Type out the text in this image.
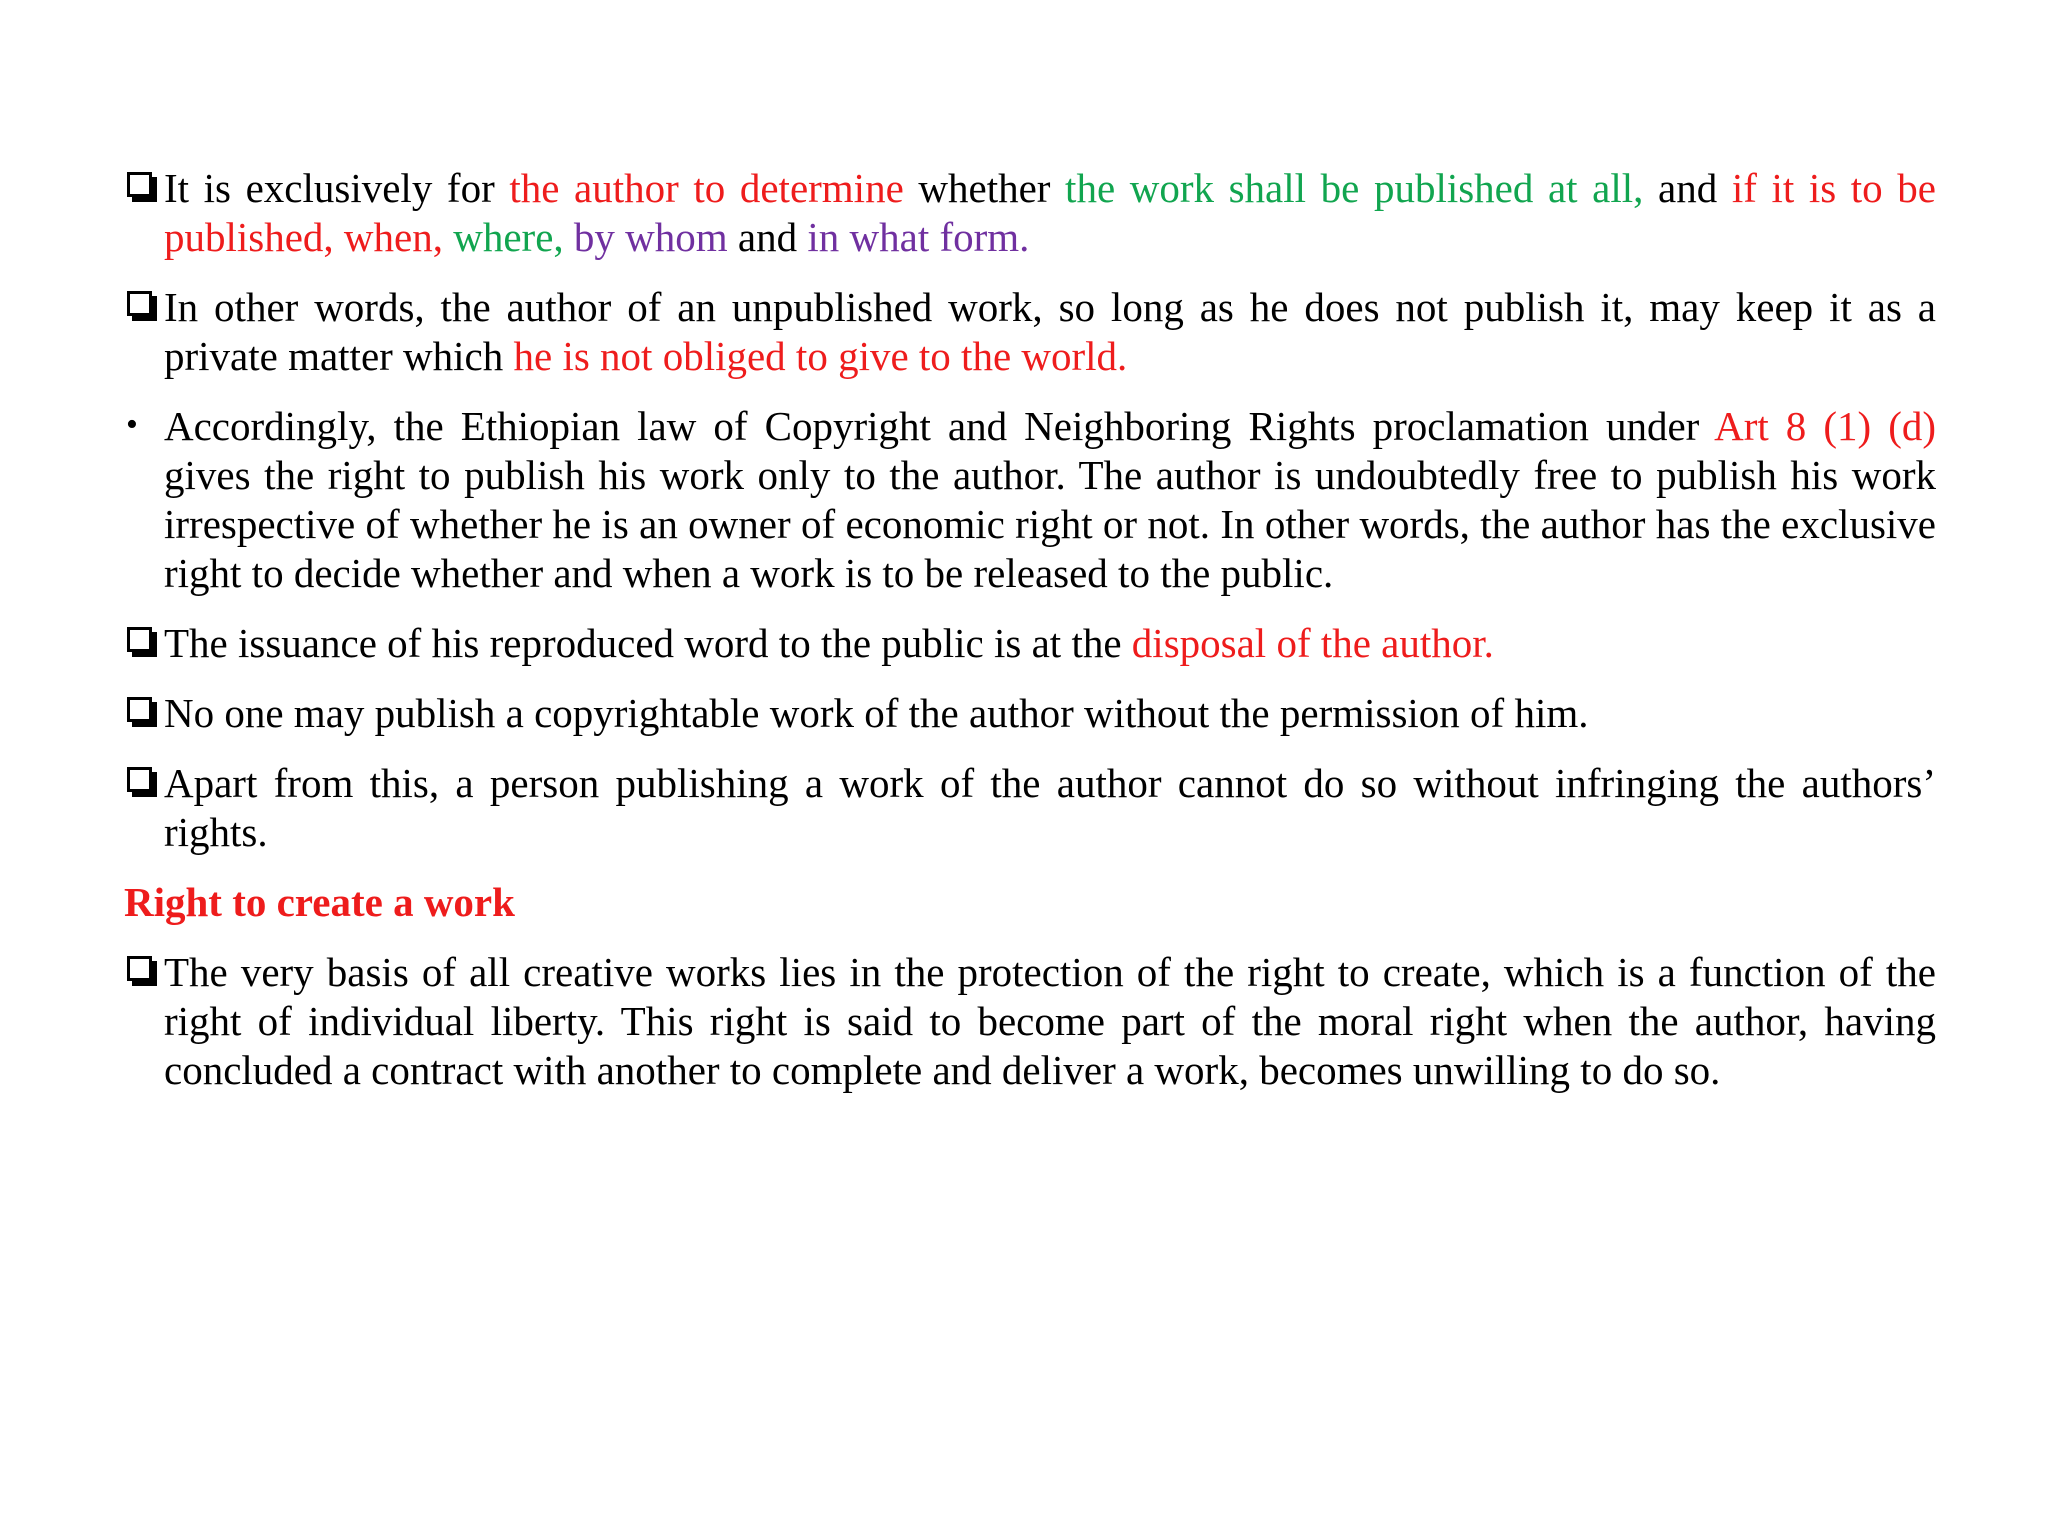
It is exclusively for the author to determine whether the work shall be published at all, and if it is to be published, when, where, by whom and in what form.
In other words, the author of an unpublished work, so long as he does not publish it, may keep it as a private matter which he is not obliged to give to the world.
• Accordingly, the Ethiopian law of Copyright and Neighboring Rights proclamation under Art 8 (1) (d) gives the right to publish his work only to the author. The author is undoubtedly free to publish his work irrespective of whether he is an owner of economic right or not. In other words, the author has the exclusive right to decide whether and when a work is to be released to the public.
The issuance of his reproduced word to the public is at the disposal of the author.
No one may publish a copyrightable work of the author without the permission of him.
Apart from this, a person publishing a work of the author cannot do so without infringing the authors’ rights.
Right to create a work
The very basis of all creative works lies in the protection of the right to create, which is a function of the right of individual liberty. This right is said to become part of the moral right when the author, having concluded a contract with another to complete and deliver a work, becomes unwilling to do so.
